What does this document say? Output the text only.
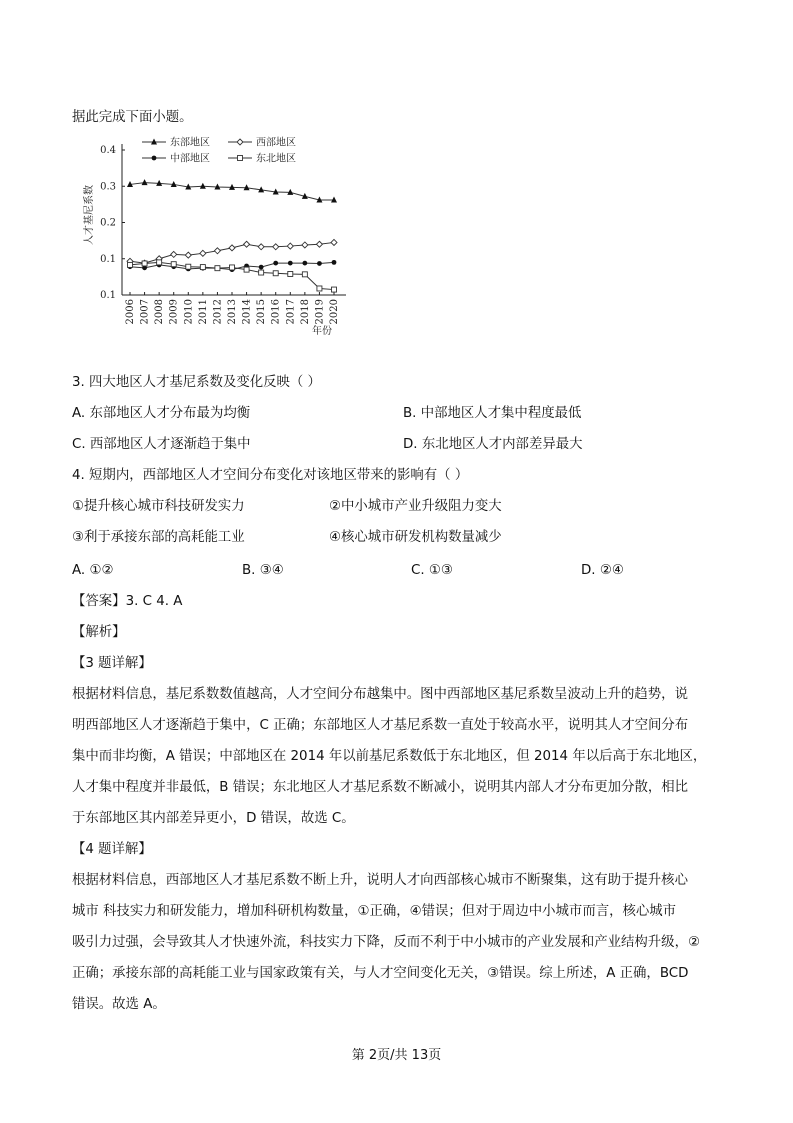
据此完成下面小题。
人才基尼系数
0.1
0.1
0.2
0.3
0.4
2006 2007 2008 2009 2010 2011 2012 2013 2014 2015 2016 2017 2018 2019 2020
东部地区	西部地区
中部地区	东北地区
年份
3. 四大地区人才基尼系数及变化反映（ ）
A. 东部地区人才分布最为均衡	B. 中部地区人才集中程度最低
C. 西部地区人才逐渐趋于集中	D. 东北地区人才内部差异最大
4. 短期内，西部地区人才空间分布变化对该地区带来的影响有（ ）
①提升核心城市科技研发实力	②中小城市产业升级阻力变大
③利于承接东部的高耗能工业	④核心城市研发机构数量减少
A. ①②	B. ③④	C. ①③	D. ②④
【答案】3. C 4. A
【解析】
【3 题详解】
根据材料信息，基尼系数数值越高，人才空间分布越集中。图中西部地区基尼系数呈波动上升的趋势，说
明西部地区人才逐渐趋于集中，C 正确；东部地区人才基尼系数一直处于较高水平，说明其人才空间分布
集中而非均衡，A 错误；中部地区在 2014 年以前基尼系数低于东北地区，但 2014 年以后高于东北地区，
人才集中程度并非最低，B 错误；东北地区人才基尼系数不断减小，说明其内部人才分布更加分散，相比
于东部地区其内部差异更小，D 错误，故选 C。
【4 题详解】
根据材料信息，西部地区人才基尼系数不断上升，说明人才向西部核心城市不断聚集，这有助于提升核心
城市 科技实力和研发能力，增加科研机构数量，①正确，④错误；但对于周边中小城市而言，核心城市
吸引力过强，会导致其人才快速外流，科技实力下降，反而不利于中小城市的产业发展和产业结构升级，②
正确；承接东部的高耗能工业与国家政策有关，与人才空间变化无关，③错误。综上所述，A 正确，BCD
错误。故选 A。
第 2页/共 13页
